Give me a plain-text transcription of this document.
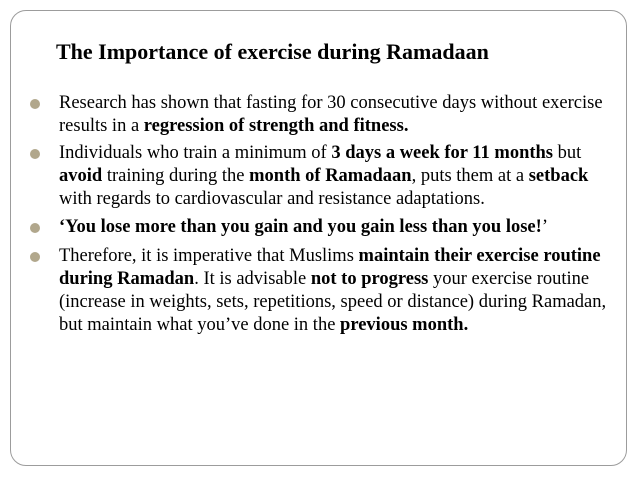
The Importance of exercise during Ramadaan
Research has shown that fasting for 30 consecutive days without exercise results in a regression of strength and fitness.
Individuals who train a minimum of 3 days a week for 11 months but avoid training during the month of Ramadaan, puts them at a setback with regards to cardiovascular and resistance adaptations.
‘You lose more than you gain and you gain less than you lose!’
Therefore, it is imperative that Muslims maintain their exercise routine during Ramadan. It is advisable not to progress your exercise routine (increase in weights, sets, repetitions, speed or distance) during Ramadan, but maintain what you’ve done in the previous month.
